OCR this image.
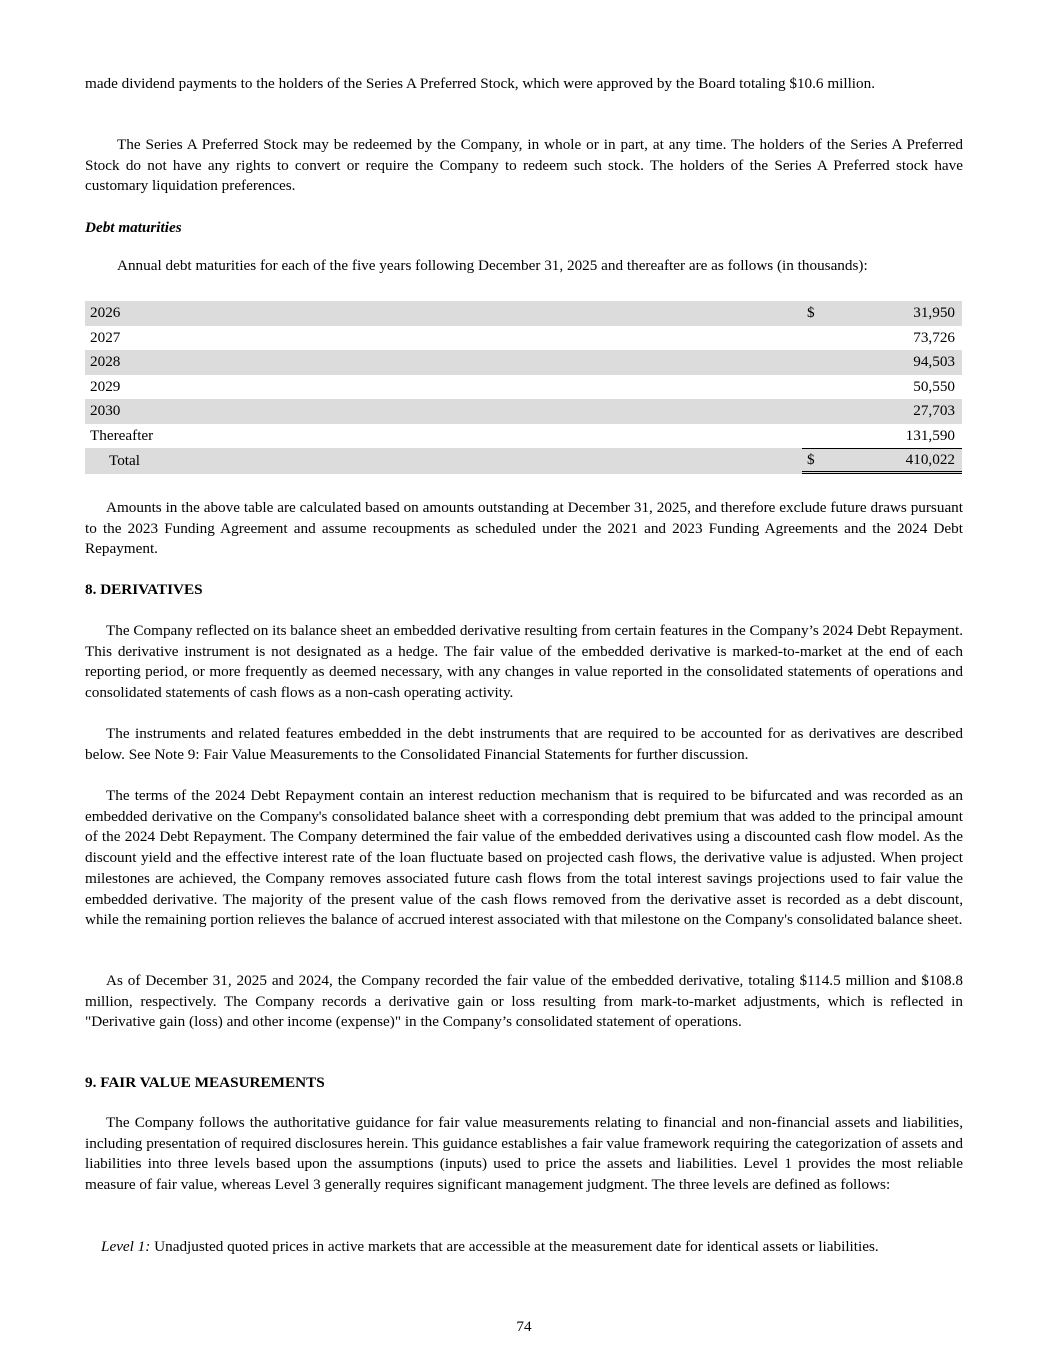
made dividend payments to the holders of the Series A Preferred Stock, which were approved by the Board totaling $10.6 million.

The Series A Preferred Stock may be redeemed by the Company, in whole or in part, at any time. The holders of the Series A Preferred Stock do not have any rights to convert or require the Company to redeem such stock. The holders of the Series A Preferred stock have customary liquidation preferences.

Debt maturities

Annual debt maturities for each of the five years following December 31, 2025 and thereafter are as follows (in thousands):

2026	$ 31,950

2027	73,726

2028	94,503

2029	50,550

2030	27,703

Thereafter	131,590

Total	$ 410,022

Amounts in the above table are calculated based on amounts outstanding at December 31, 2025, and therefore exclude future draws pursuant to the 2023 Funding Agreement and assume recoupments as scheduled under the 2021 and 2023 Funding Agreements and the 2024 Debt Repayment.

8. DERIVATIVES

The Company reflected on its balance sheet an embedded derivative resulting from certain features in the Company’s 2024 Debt Repayment. This derivative instrument is not designated as a hedge. The fair value of the embedded derivative is marked-to-market at the end of each reporting period, or more frequently as deemed necessary, with any changes in value reported in the consolidated statements of operations and consolidated statements of cash flows as a non-cash operating activity.

The instruments and related features embedded in the debt instruments that are required to be accounted for as derivatives are described below. See Note 9: Fair Value Measurements to the Consolidated Financial Statements for further discussion.

The terms of the 2024 Debt Repayment contain an interest reduction mechanism that is required to be bifurcated and was recorded as an embedded derivative on the Company's consolidated balance sheet with a corresponding debt premium that was added to the principal amount of the 2024 Debt Repayment. The Company determined the fair value of the embedded derivatives using a discounted cash flow model. As the discount yield and the effective interest rate of the loan fluctuate based on projected cash flows, the derivative value is adjusted. When project milestones are achieved, the Company removes associated future cash flows from the total interest savings projections used to fair value the embedded derivative. The majority of the present value of the cash flows removed from the derivative asset is recorded as a debt discount, while the remaining portion relieves the balance of accrued interest associated with that milestone on the Company's consolidated balance sheet.

As of December 31, 2025 and 2024, the Company recorded the fair value of the embedded derivative, totaling $114.5 million and $108.8 million, respectively. The Company records a derivative gain or loss resulting from mark-to-market adjustments, which is reflected in "Derivative gain (loss) and other income (expense)" in the Company’s consolidated statement of operations.

9. FAIR VALUE MEASUREMENTS

The Company follows the authoritative guidance for fair value measurements relating to financial and non-financial assets and liabilities, including presentation of required disclosures herein. This guidance establishes a fair value framework requiring the categorization of assets and liabilities into three levels based upon the assumptions (inputs) used to price the assets and liabilities. Level 1 provides the most reliable measure of fair value, whereas Level 3 generally requires significant management judgment. The three levels are defined as follows:

Level 1: Unadjusted quoted prices in active markets that are accessible at the measurement date for identical assets or liabilities.

74
